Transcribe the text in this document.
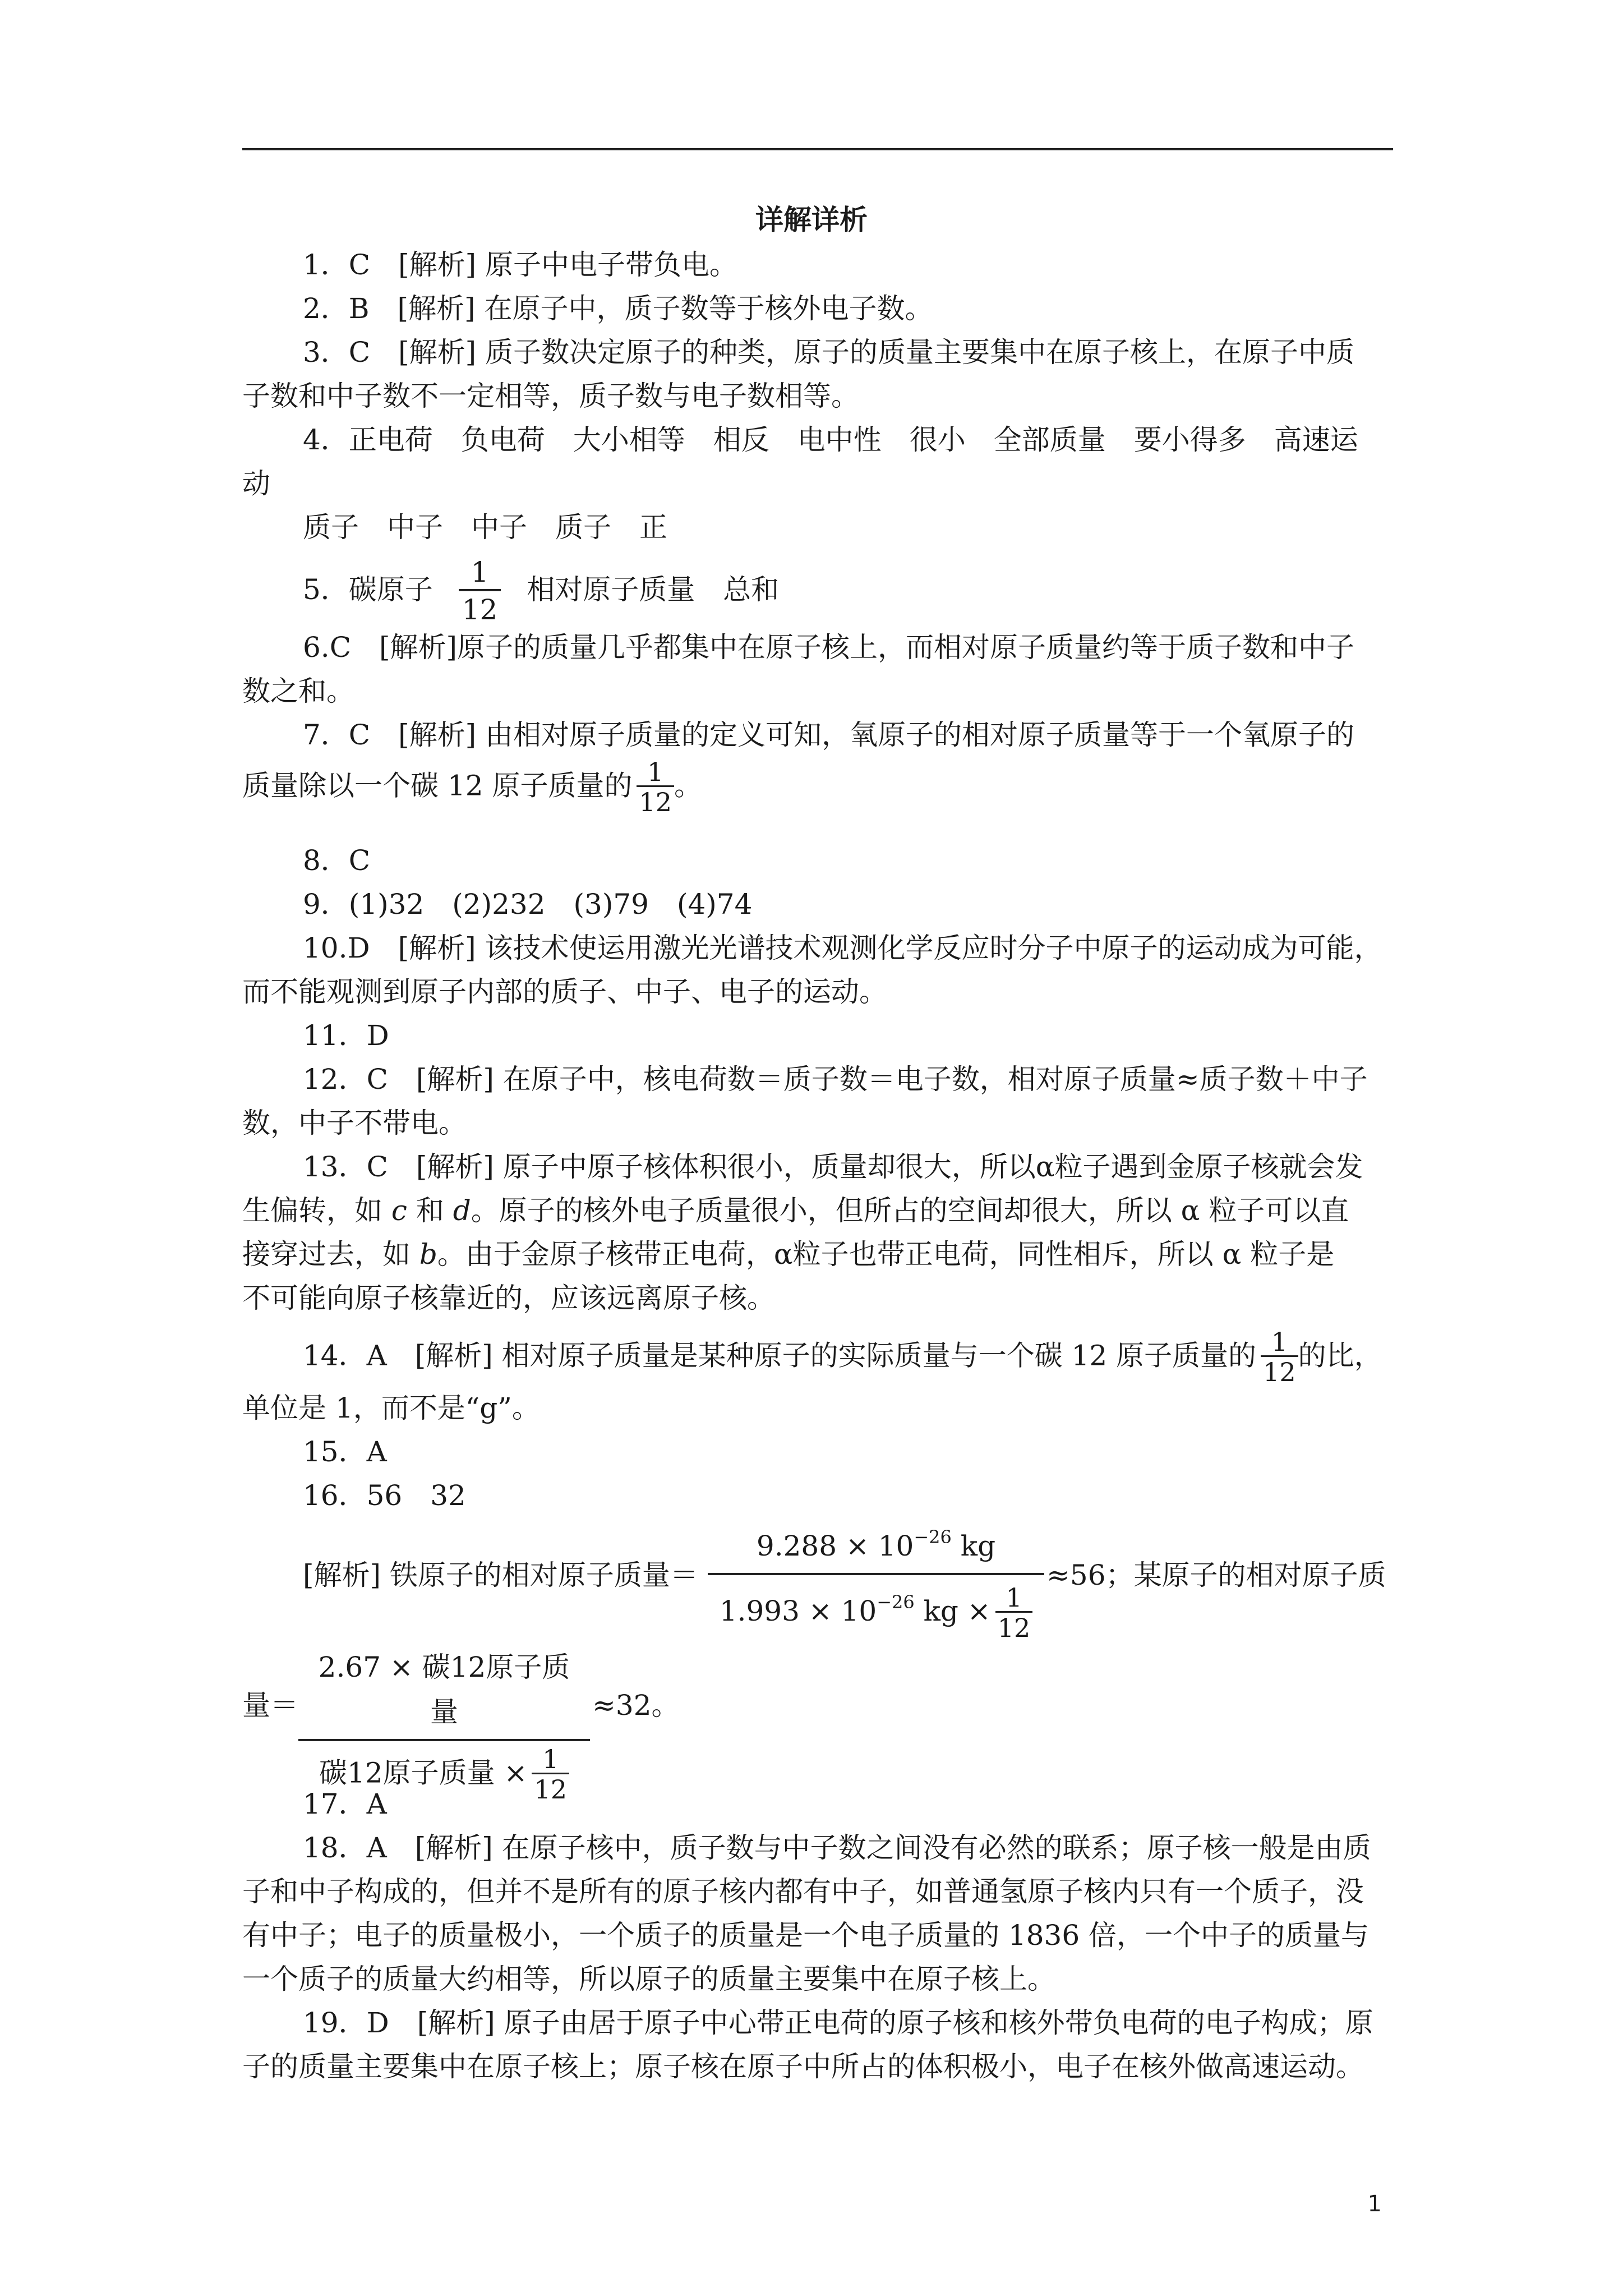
详解详析
1．C　[解析] 原子中电子带负电。
2．B　[解析] 在原子中，质子数等于核外电子数。
3．C　[解析] 质子数决定原子的种类，原子的质量主要集中在原子核上，在原子中质
子数和中子数不一定相等，质子数与电子数相等。
4．正电荷　负电荷　大小相等　相反　电中性　很小　全部质量　要小得多　高速运
动
质子　中子　中子　质子　正
5．碳原子 $\frac{1}{12}$ 相对原子质量　总和
6.C　[解析]原子的质量几乎都集中在原子核上，而相对原子质量约等于质子数和中子
数之和。
7．C　[解析] 由相对原子质量的定义可知，氧原子的相对原子质量等于一个氧原子的
质量除以一个碳 12 原子质量的 $\frac{1}{12}$ 。
8．C
9．(1)32　(2)232　(3)79　(4)74
10.D　[解析] 该技术使运用激光光谱技术观测化学反应时分子中原子的运动成为可能，
而不能观测到原子内部的质子、中子、电子的运动。
11．D
12．C　[解析] 在原子中，核电荷数＝质子数＝电子数，相对原子质量≈质子数＋中子
数，中子不带电。
13．C　[解析] 原子中原子核体积很小，质量却很大，所以α粒子遇到金原子核就会发
生偏转，如 c 和 d。原子的核外电子质量很小，但所占的空间却很大，所以 α 粒子可以直
接穿过去，如 b。由于金原子核带正电荷，α粒子也带正电荷，同性相斥，所以 α 粒子是
不可能向原子核靠近的，应该远离原子核。
14．A　[解析] 相对原子质量是某种原子的实际质量与一个碳 12 原子质量的 $\frac{1}{12}$ 的比，
单位是 1，而不是“g”。
15．A
16．56　32
[解析] 铁原子的相对原子质量＝ $\frac{9.288 \times 10^{-26} kg}{1.993 \times 10^{-26} kg \times \frac{1}{12}} \approx 56$；某原子的相对原子质
量＝
2.67 × 碳12原子质量
碳12原子质量 × $\frac{1}{12}$
≈32。
17．A
18．A　[解析] 在原子核中，质子数与中子数之间没有必然的联系；原子核一般是由质
子和中子构成的，但并不是所有的原子核内都有中子，如普通氢原子核内只有一个质子，没
有中子；电子的质量极小，一个质子的质量是一个电子质量的 1836 倍，一个中子的质量与
一个质子的质量大约相等，所以原子的质量主要集中在原子核上。
19．D　[解析] 原子由居于原子中心带正电荷的原子核和核外带负电荷的电子构成；原
子的质量主要集中在原子核上；原子核在原子中所占的体积极小，电子在核外做高速运动。
1
